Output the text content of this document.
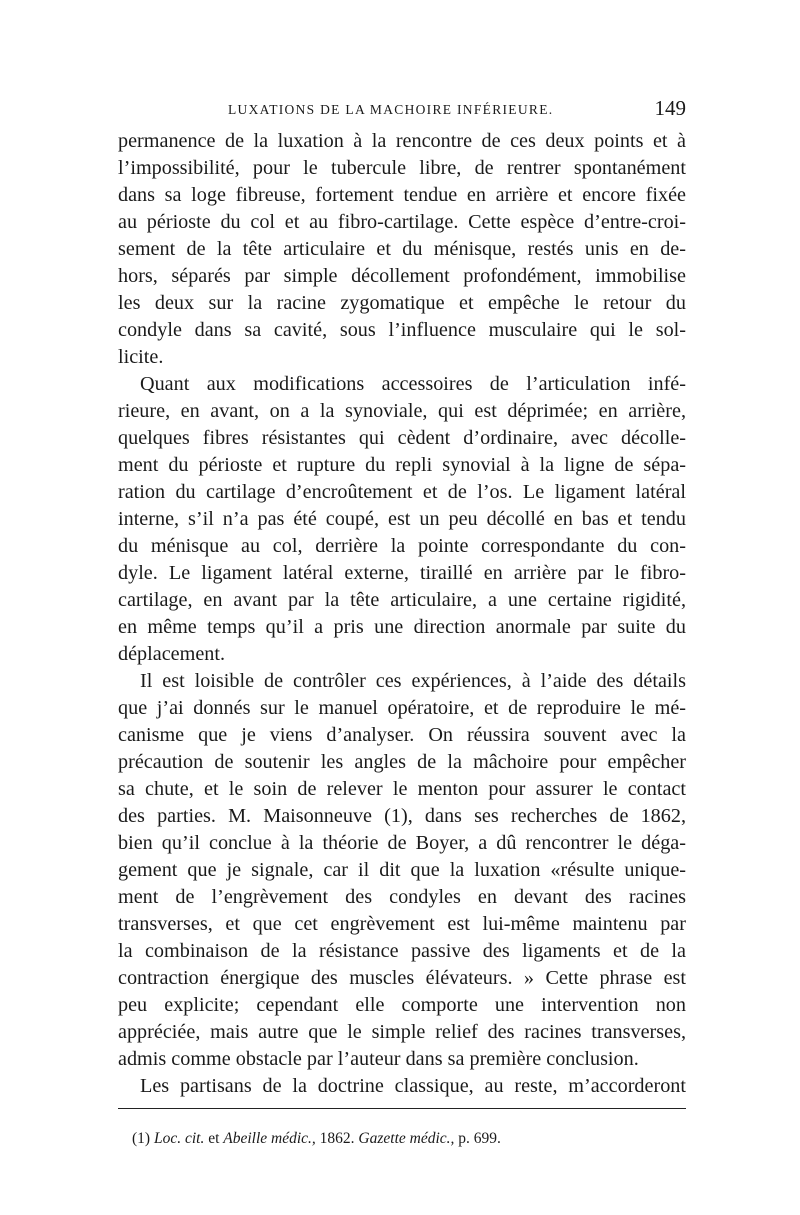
LUXATIONS DE LA MACHOIRE INFÉRIEURE.	149
permanence de la luxation à la rencontre de ces deux points et à
l’impossibilité, pour le tubercule libre, de rentrer spontanément
dans sa loge fibreuse, fortement tendue en arrière et encore fixée
au périoste du col et au fibro-cartilage. Cette espèce d’entre-croi-
sement de la tête articulaire et du ménisque, restés unis en de-
hors, séparés par simple décollement profondément, immobilise
les deux sur la racine zygomatique et empêche le retour du
condyle dans sa cavité, sous l’influence musculaire qui le sol-
licite.
Quant aux modifications accessoires de l’articulation infé-
rieure, en avant, on a la synoviale, qui est déprimée; en arrière,
quelques fibres résistantes qui cèdent d’ordinaire, avec décolle-
ment du périoste et rupture du repli synovial à la ligne de sépa-
ration du cartilage d’encroûtement et de l’os. Le ligament latéral
interne, s’il n’a pas été coupé, est un peu décollé en bas et tendu
du ménisque au col, derrière la pointe correspondante du con-
dyle. Le ligament latéral externe, tiraillé en arrière par le fibro-
cartilage, en avant par la tête articulaire, a une certaine rigidité,
en même temps qu’il a pris une direction anormale par suite du
déplacement.
Il est loisible de contrôler ces expériences, à l’aide des détails
que j’ai donnés sur le manuel opératoire, et de reproduire le mé-
canisme que je viens d’analyser. On réussira souvent avec la
précaution de soutenir les angles de la mâchoire pour empêcher
sa chute, et le soin de relever le menton pour assurer le contact
des parties. M. Maisonneuve (1), dans ses recherches de 1862,
bien qu’il conclue à la théorie de Boyer, a dû rencontrer le déga-
gement que je signale, car il dit que la luxation «résulte unique-
ment de l’engrèvement des condyles en devant des racines
transverses, et que cet engrèvement est lui-même maintenu par
la combinaison de la résistance passive des ligaments et de la
contraction énergique des muscles élévateurs. » Cette phrase est
peu explicite; cependant elle comporte une intervention non
appréciée, mais autre que le simple relief des racines transverses,
admis comme obstacle par l’auteur dans sa première conclusion.
Les partisans de la doctrine classique, au reste, m’accorderont
(1) Loc. cit. et Abeille médic., 1862. Gazette médic., p. 699.
